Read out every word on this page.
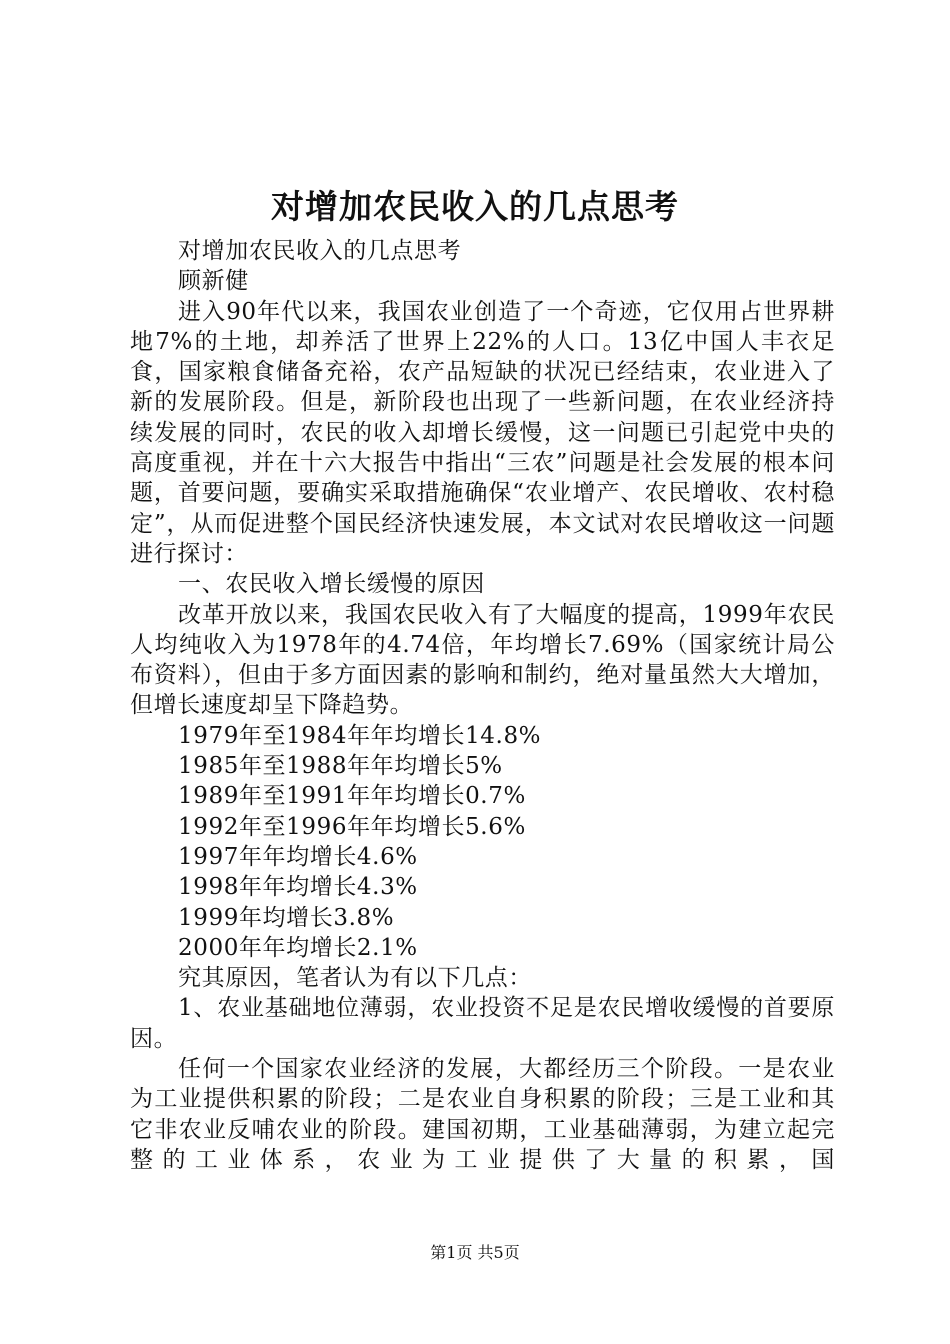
对增加农民收入的几点思考

对增加农民收入的几点思考

顾新健

进入90年代以来，我国农业创造了一个奇迹，它仅用占世界耕地7%的土地，却养活了世界上22%的人口。13亿中国人丰衣足食，国家粮食储备充裕，农产品短缺的状况已经结束，农业进入了新的发展阶段。但是，新阶段也出现了一些新问题，在农业经济持续发展的同时，农民的收入却增长缓慢，这一问题已引起党中央的高度重视，并在十六大报告中指出“三农”问题是社会发展的根本问题，首要问题，要确实采取措施确保“农业增产、农民增收、农村稳定”，从而促进整个国民经济快速发展，本文试对农民增收这一问题进行探讨：

一、农民收入增长缓慢的原因

改革开放以来，我国农民收入有了大幅度的提高，1999年农民人均纯收入为1978年的4.74倍，年均增长7.69%（国家统计局公布资料），但由于多方面因素的影响和制约，绝对量虽然大大增加，但增长速度却呈下降趋势。

1979年至1984年年均增长14.8%

1985年至1988年年均增长5%

1989年至1991年年均增长0.7%

1992年至1996年年均增长5.6%

1997年年均增长4.6%

1998年年均增长4.3%

1999年均增长3.8%

2000年年均增长2.1%

究其原因，笔者认为有以下几点：

1、农业基础地位薄弱，农业投资不足是农民增收缓慢的首要原因。

任何一个国家农业经济的发展，大都经历三个阶段。一是农业为工业提供积累的阶段；二是农业自身积累的阶段；三是工业和其它非农业反哺农业的阶段。建国初期，工业基础薄弱，为建立起完整的工业体系，农业为工业提供了大量的积累，国

第1页 共5页
